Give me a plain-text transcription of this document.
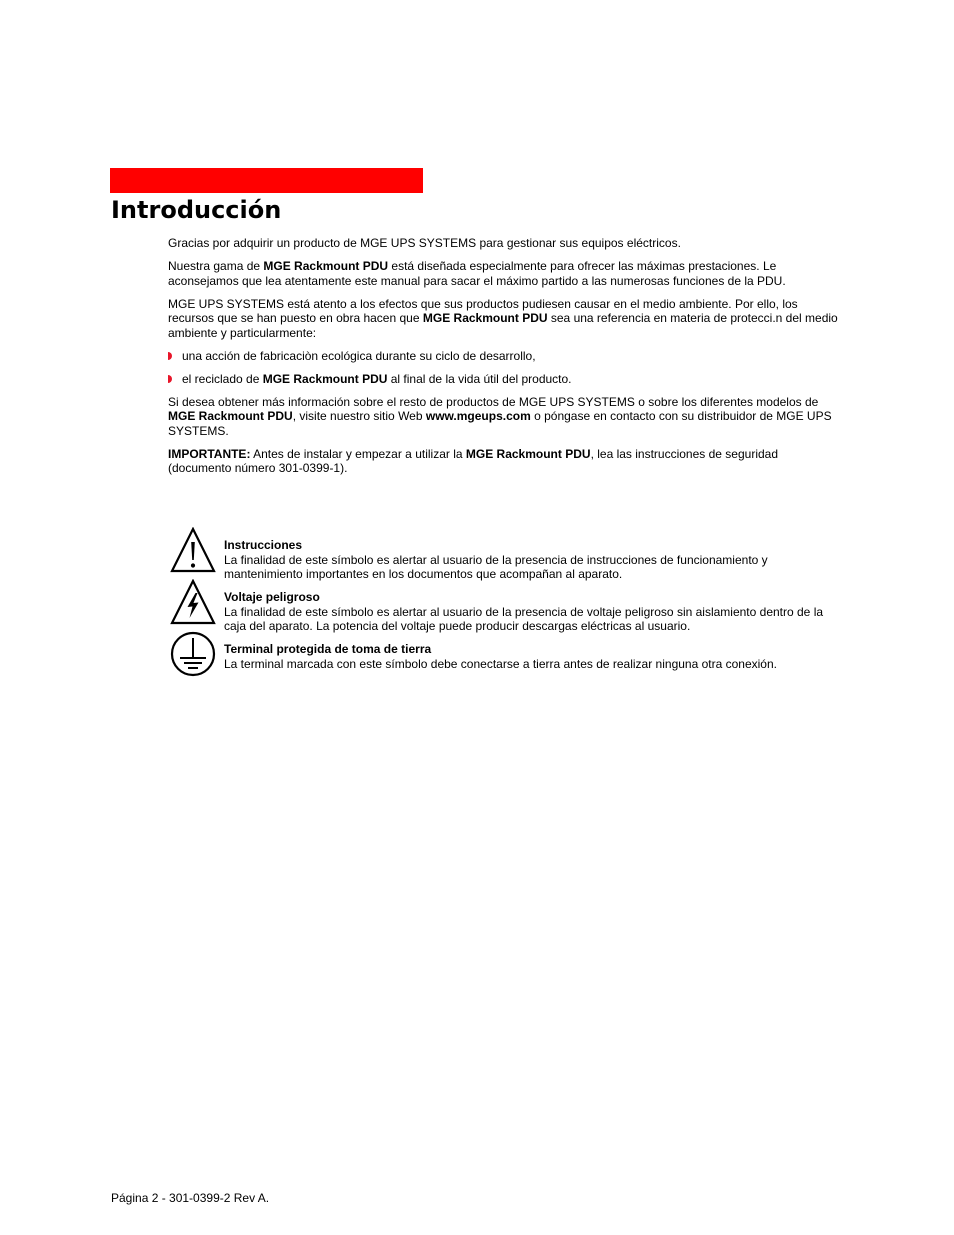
Introducción

Gracias por adquirir un producto de MGE UPS SYSTEMS para gestionar sus equipos eléctricos.

Nuestra gama de MGE Rackmount PDU está diseñada especialmente para ofrecer las máximas prestaciones. Le aconsejamos que lea atentamente este manual para sacar el máximo partido a las numerosas funciones de la PDU.

MGE UPS SYSTEMS está atento a los efectos que sus productos pudiesen causar en el medio ambiente. Por ello, los recursos que se han puesto en obra hacen que MGE Rackmount PDU sea una referencia en materia de protecci.n del medio ambiente y particularmente:

una acción de fabricaciòn ecológica durante su ciclo de desarrollo,
el reciclado de MGE Rackmount PDU al final de la vida útil del producto.

Si desea obtener más información sobre el resto de productos de MGE UPS SYSTEMS o sobre los diferentes modelos de MGE Rackmount PDU, visite nuestro sitio Web www.mgeups.com o póngase en contacto con su distribuidor de MGE UPS SYSTEMS.

IMPORTANTE: Antes de instalar y empezar a utilizar la MGE Rackmount PDU, lea las instrucciones de seguridad (documento número 301-0399-1).

Instrucciones
La finalidad de este símbolo es alertar al usuario de la presencia de instrucciones de funcionamiento y mantenimiento importantes en los documentos que acompañan al aparato.
Voltaje peligroso
La finalidad de este símbolo es alertar al usuario de la presencia de voltaje peligroso sin aislamiento dentro de la caja del aparato. La potencia del voltaje puede producir descargas eléctricas al usuario.
Terminal protegida de toma de tierra
La terminal marcada con este símbolo debe conectarse a tierra antes de realizar ninguna otra conexión.
Página 2 - 301-0399-2 Rev A.
